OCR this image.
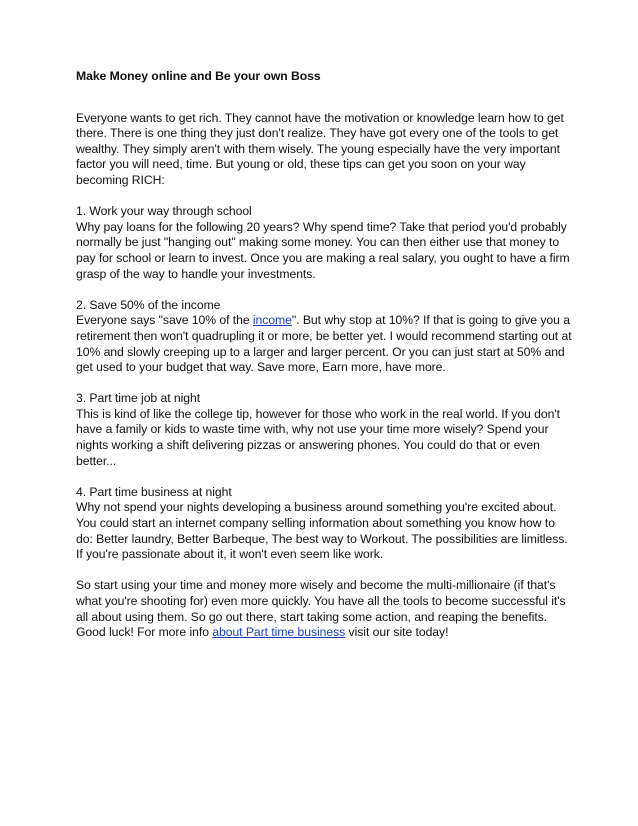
Make Money online and Be your own Boss

Everyone wants to get rich. They cannot have the motivation or knowledge learn how to get there. There is one thing they just don't realize. They have got every one of the tools to get wealthy. They simply aren't with them wisely. The young especially have the very important factor you will need, time. But young or old, these tips can get you soon on your way becoming RICH:

1. Work your way through school
Why pay loans for the following 20 years? Why spend time? Take that period you'd probably normally be just "hanging out" making some money. You can then either use that money to pay for school or learn to invest. Once you are making a real salary, you ought to have a firm grasp of the way to handle your investments.

2. Save 50% of the income
Everyone says "save 10% of the income". But why stop at 10%? If that is going to give you a retirement then won't quadrupling it or more, be better yet. I would recommend starting out at 10% and slowly creeping up to a larger and larger percent. Or you can just start at 50% and get used to your budget that way. Save more, Earn more, have more.

3. Part time job at night
This is kind of like the college tip, however for those who work in the real world. If you don't have a family or kids to waste time with, why not use your time more wisely? Spend your nights working a shift delivering pizzas or answering phones. You could do that or even better...

4. Part time business at night
Why not spend your nights developing a business around something you're excited about. You could start an internet company selling information about something you know how to do: Better laundry, Better Barbeque, The best way to Workout. The possibilities are limitless. If you're passionate about it, it won't even seem like work.

So start using your time and money more wisely and become the multi-millionaire (if that's what you're shooting for) even more quickly. You have all the tools to become successful it's all about using them. So go out there, start taking some action, and reaping the benefits. Good luck! For more info about Part time business visit our site today!
